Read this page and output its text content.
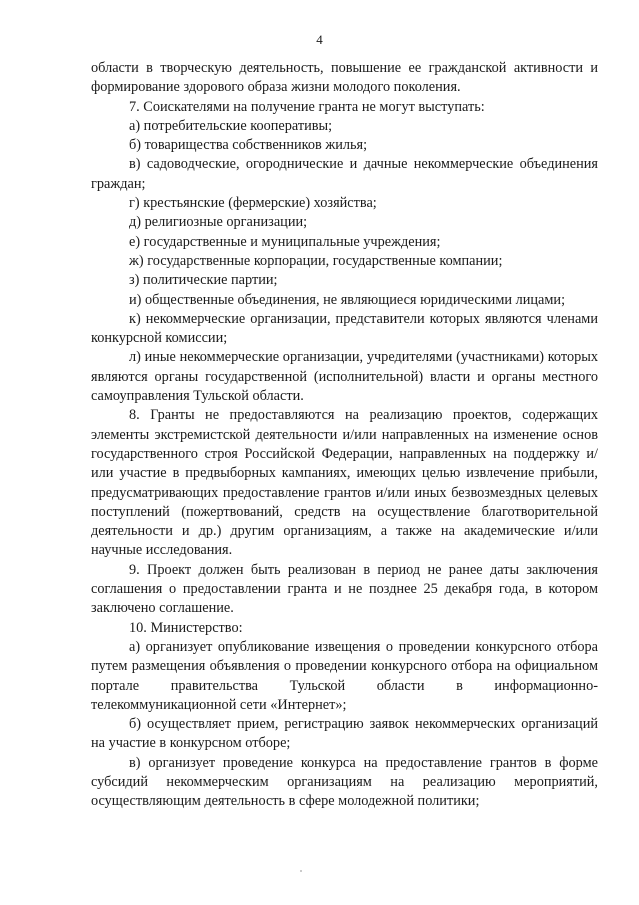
4

области в творческую деятельность, повышение ее гражданской активности и формирование здорового образа жизни молодого поколения.

7. Соискателями на получение гранта не могут выступать:

а) потребительские кооперативы;

б) товарищества собственников жилья;

в) садоводческие, огороднические и дачные некоммерческие объединения граждан;

г) крестьянские (фермерские) хозяйства;

д) религиозные организации;

е) государственные и муниципальные учреждения;

ж) государственные корпорации, государственные компании;

з) политические партии;

и) общественные объединения, не являющиеся юридическими лицами;

к) некоммерческие организации, представители которых являются членами конкурсной комиссии;

л) иные некоммерческие организации, учредителями (участниками) которых являются органы государственной (исполнительной) власти и органы местного самоуправления Тульской области.

8. Гранты не предоставляются на реализацию проектов, содержащих элементы экстремистской деятельности и/или направленных на изменение основ государственного строя Российской Федерации, направленных на поддержку и/или участие в предвыборных кампаниях, имеющих целью извлечение прибыли, предусматривающих предоставление грантов и/или иных безвозмездных целевых поступлений (пожертвований, средств на осуществление благотворительной деятельности и др.) другим организациям, а также на академические и/или научные исследования.

9. Проект должен быть реализован в период не ранее даты заключения соглашения о предоставлении гранта и не позднее 25 декабря года, в котором заключено соглашение.

10. Министерство:

а) организует опубликование извещения о проведении конкурсного отбора путем размещения объявления о проведении конкурсного отбора на официальном портале правительства Тульской области в информационно-телекоммуникационной сети «Интернет»;

б) осуществляет прием, регистрацию заявок некоммерческих организаций на участие в конкурсном отборе;

в) организует проведение конкурса на предоставление грантов в форме субсидий некоммерческим организациям на реализацию мероприятий, осуществляющим деятельность в сфере молодежной политики;
